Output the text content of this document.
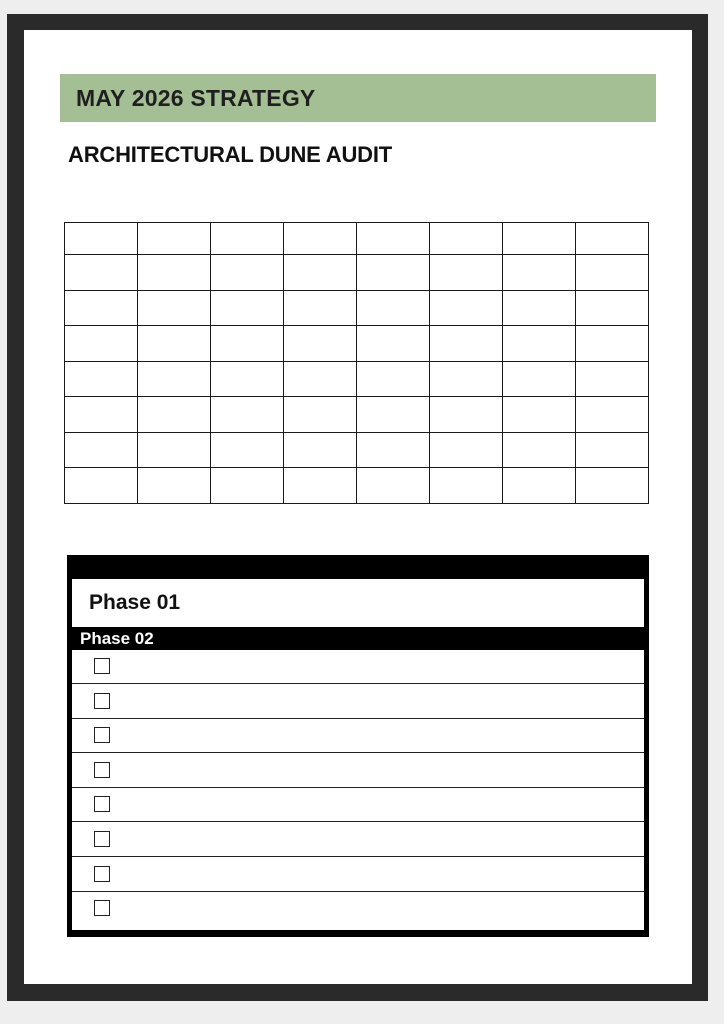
MAY 2026 STRATEGY
ARCHITECTURAL DUNE AUDIT

Phase 01
Phase 02
